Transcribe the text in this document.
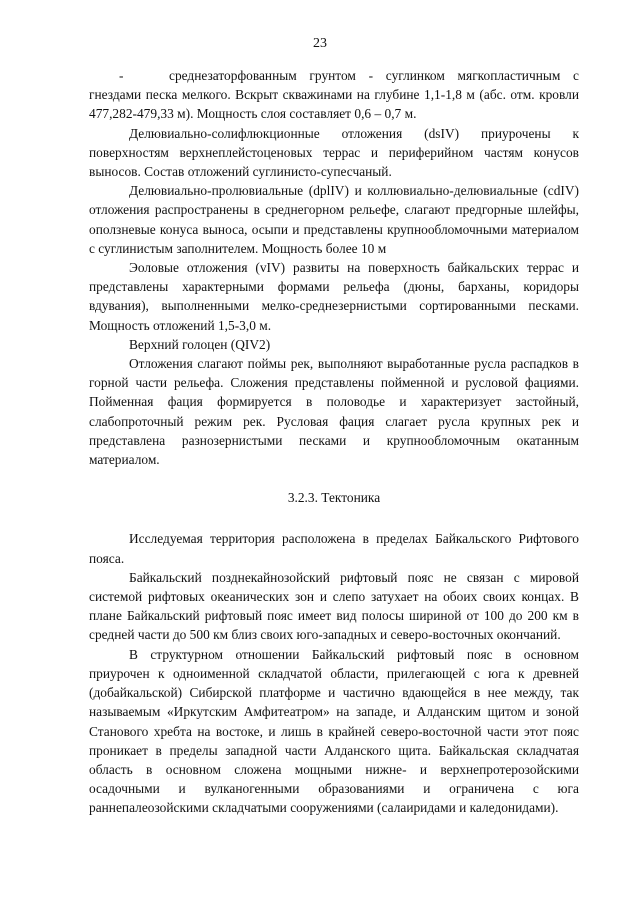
23

-	среднезаторфованным грунтом - суглинком мягкопластичным с гнездами песка мелкого. Вскрыт скважинами на глубине 1,1-1,8 м (абс. отм. кровли 477,282-479,33 м). Мощность слоя составляет 0,6 – 0,7 м.

Делювиально-солифлюкционные отложения (dsIV) приурочены к поверхностям верхнеплейстоценовых террас и периферийном частям конусов выносов. Состав отложений суглинисто-супесчаный.

Делювиально-пролювиальные (dplIV) и коллювиально-делювиальные (cdIV) отложения распространены в среднегорном рельефе, слагают предгорные шлейфы, оползневые конуса выноса, осыпи и представлены крупнообломочными материалом с суглинистым заполнителем. Мощность более 10 м

Эоловые отложения (vIV) развиты на поверхность байкальских террас и представлены характерными формами рельефа (дюны, барханы, коридоры вдувания), выполненными мелко-среднезернистыми сортированными песками. Мощность отложений 1,5-3,0 м.

Верхний голоцен (QIV2)

Отложения слагают поймы рек, выполняют выработанные русла распадков в горной части рельефа. Сложения представлены пойменной и русловой фациями. Пойменная фация формируется в половодье и характеризует застойный, слабопроточный режим рек. Русловая фация слагает русла крупных рек и представлена разнозернистыми песками и крупнообломочным окатанным материалом.

3.2.3. Тектоника

Исследуемая территория расположена в пределах Байкальского Рифтового пояса.

Байкальский позднекайнозойский рифтовый пояс не связан с мировой системой рифтовых океанических зон и слепо затухает на обоих своих концах. В плане Байкальский рифтовый пояс имеет вид полосы шириной от 100 до 200 км в средней части до 500 км близ своих юго-западных и северо-восточных окончаний.

В структурном отношении Байкальский рифтовый пояс в основном приурочен к одноименной складчатой области, прилегающей с юга к древней (добайкальской) Сибирской платформе и частично вдающейся в нее между, так называемым «Иркутским Амфитеатром» на западе, и Алданским щитом и зоной Станового хребта на востоке, и лишь в крайней северо-восточной части этот пояс проникает в пределы западной части Алданского щита. Байкальская складчатая область в основном сложена мощными нижне- и верхнепротерозойскими осадочными и вулканогенными образованиями и ограничена с юга раннепалеозойскими складчатыми сооружениями (салаиридами и каледонидами).
